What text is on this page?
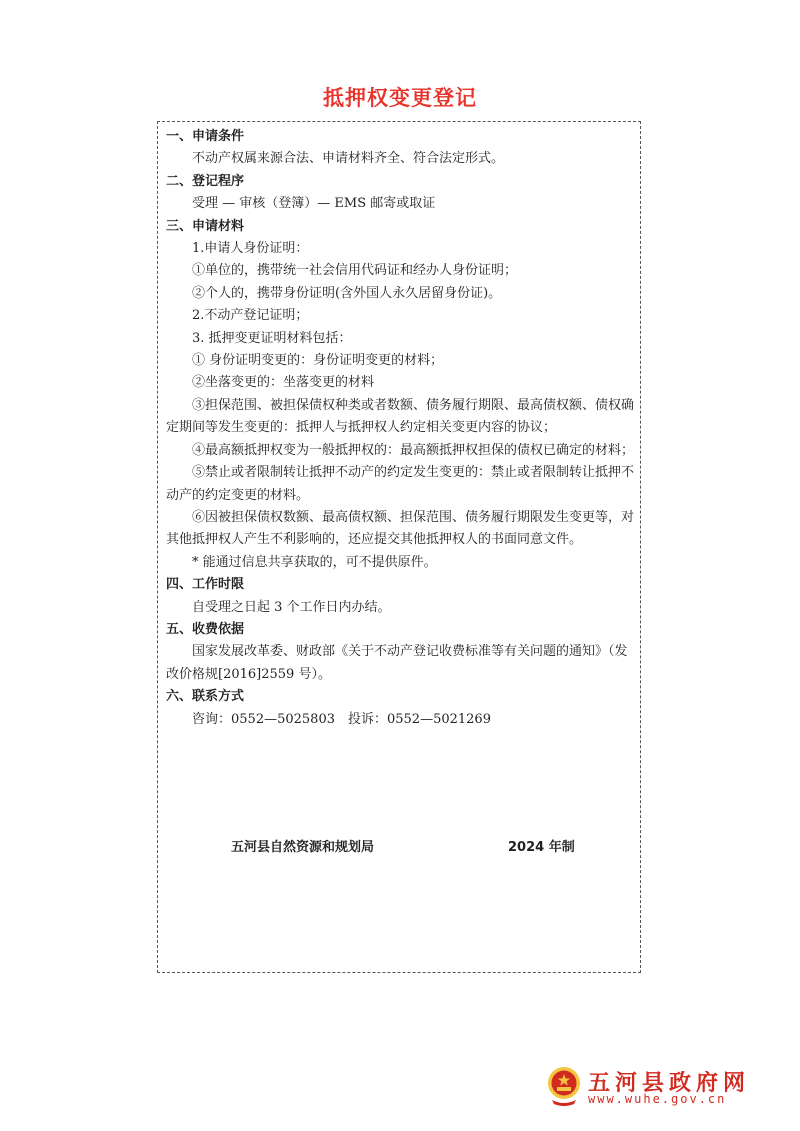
抵押权变更登记
一、申请条件

不动产权属来源合法、申请材料齐全、符合法定形式。

二、登记程序

受理 — 审核（登簿）— EMS 邮寄或取证

三、申请材料

1.申请人身份证明：

①单位的，携带统一社会信用代码证和经办人身份证明；

②个人的，携带身份证明(含外国人永久居留身份证)。

2.不动产登记证明；

3. 抵押变更证明材料包括：

① 身份证明变更的：身份证明变更的材料；

②坐落变更的：坐落变更的材料

③担保范围、被担保债权种类或者数额、债务履行期限、最高债权额、债权确定期间等发生变更的：抵押人与抵押权人约定相关变更内容的协议；

④最高额抵押权变为一般抵押权的：最高额抵押权担保的债权已确定的材料；

⑤禁止或者限制转让抵押不动产的约定发生变更的：禁止或者限制转让抵押不动产的约定变更的材料。

⑥因被担保债权数额、最高债权额、担保范围、债务履行期限发生变更等，对其他抵押权人产生不利影响的，还应提交其他抵押权人的书面同意文件。

* 能通过信息共享获取的，可不提供原件。

四、工作时限

自受理之日起 3 个工作日内办结。

五、收费依据

国家发展改革委、财政部《关于不动产登记收费标准等有关问题的通知》（发改价格规[2016]2559 号）。

六、联系方式

咨询：0552—5025803　投诉：0552—5021269

五河县自然资源和规划局	2024 年制
五河县政府网
www.wuhe.gov.cn
